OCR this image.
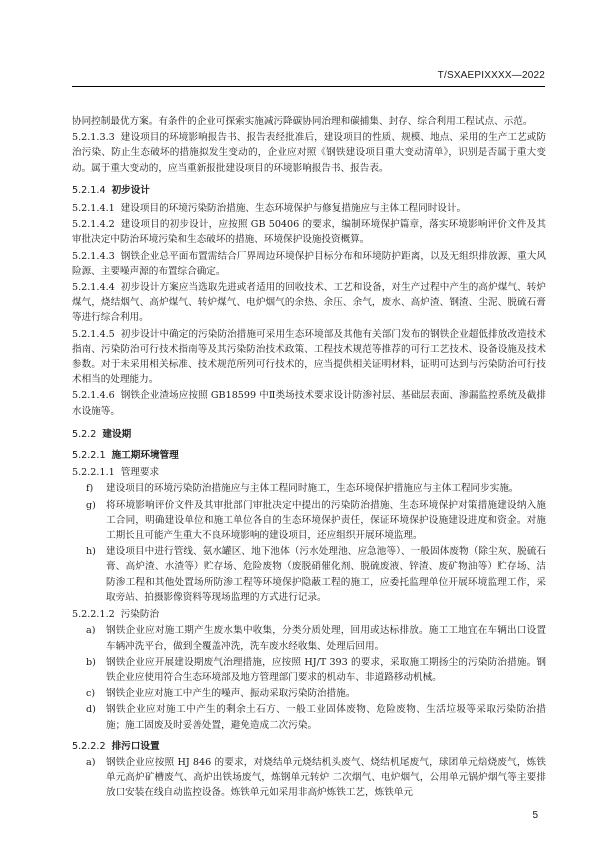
T/SXAEPIXXXX—2022

协同控制最优方案。有条件的企业可探索实施减污降碳协同治理和碳捕集、封存、综合利用工程试点、示范。

5.2.1.3.3 建设项目的环境影响报告书、报告表经批准后，建设项目的性质、规模、地点、采用的生产工艺或防治污染、防止生态破坏的措施拟发生变动的，企业应对照《钢铁建设项目重大变动清单》，识别是否属于重大变动。属于重大变动的，应当重新报批建设项目的环境影响报告书、报告表。

5.2.1.4 初步设计

5.2.1.4.1 建设项目的环境污染防治措施、生态环境保护与修复措施应与主体工程同时设计。

5.2.1.4.2 建设项目的初步设计，应按照 GB 50406 的要求，编制环境保护篇章，落实环境影响评价文件及其审批决定中防治环境污染和生态破坏的措施、环境保护设施投资概算。

5.2.1.4.3 钢铁企业总平面布置需结合厂界周边环境保护目标分布和环境防护距离，以及无组织排放源、重大风险源、主要噪声源的布置综合确定。

5.2.1.4.4 初步设计方案应当选取先进或者适用的回收技术、工艺和设备，对生产过程中产生的高炉煤气、转炉煤气，烧结烟气、高炉煤气、转炉煤气、电炉烟气的余热、余压、余气，废水、高炉渣、钢渣、尘泥、脱硫石膏等进行综合利用。

5.2.1.4.5 初步设计中确定的污染防治措施可采用生态环境部及其他有关部门发布的钢铁企业超低排放改造技术指南、污染防治可行技术指南等及其污染防治技术政策、工程技术规范等推荐的可行工艺技术、设备设施及技术参数。对于未采用相关标准、技术规范所列可行技术的，应当提供相关证明材料，证明可达到与污染防治可行技术相当的处理能力。

5.2.1.4.6 钢铁企业渣场应按照 GB18599 中Ⅱ类场技术要求设计防渗衬层、基础层表面、渗漏监控系统及截排水设施等。

5.2.2 建设期
5.2.2.1 施工期环境管理

5.2.2.1.1 管理要求

f)	建设项目的环境污染防治措施应与主体工程同时施工，生态环境保护措施应与主体工程同步实施。
g)	将环境影响评价文件及其审批部门审批决定中提出的污染防治措施、生态环境保护对策措施建设纳入施工合同，明确建设单位和施工单位各自的生态环境保护责任，保证环境保护设施建设进度和资金。对施工期长且可能产生重大不良环境影响的建设项目，还应组织开展环境监理。
h)	建设项目中进行管线、氨水罐区、地下池体（污水处理池、应急池等）、一般固体废物（除尘灰、脱硫石膏、高炉渣、水渣等）贮存场、危险废物（废脱硝催化剂、脱硫废液、锌渣、废矿物油等）贮存场、洁防渗工程和其他处置场所防渗工程等环境保护隐蔽工程的施工，应委托监理单位开展环境监理工作，采取旁站、拍摄影像资料等现场监理的方式进行记录。

5.2.2.1.2 污染防治

a)	钢铁企业应对施工期产生废水集中收集，分类分质处理，回用或达标排放。施工工地宜在车辆出口设置车辆冲洗平台，做到全覆盖冲洗，洗车废水经收集、处理后回用。
b)	钢铁企业应开展建设期废气治理措施，应按照 HJ/T 393 的要求，采取施工期扬尘的污染防治措施。钢铁企业应使用符合生态环境部及地方管理部门要求的机动车、非道路移动机械。
c)	钢铁企业应对施工中产生的噪声、振动采取污染防治措施。
d)	钢铁企业应对施工中产生的剩余土石方、一般工业固体废物、危险废物、生活垃圾等采取污染防治措施；施工固废及时妥善处置，避免造成二次污染。
5.2.2.2 排污口设置
a)	钢铁企业应按照 HJ 846 的要求，对烧结单元烧结机头废气、烧结机尾废气，球团单元焙烧废气，炼铁单元高炉矿槽废气、高炉出铁场废气，炼钢单元转炉 二次烟气、电炉烟气，公用单元锅炉烟气等主要排放口安装在线自动监控设备。炼铁单元如采用非高炉炼铁工艺，炼铁单元
5
